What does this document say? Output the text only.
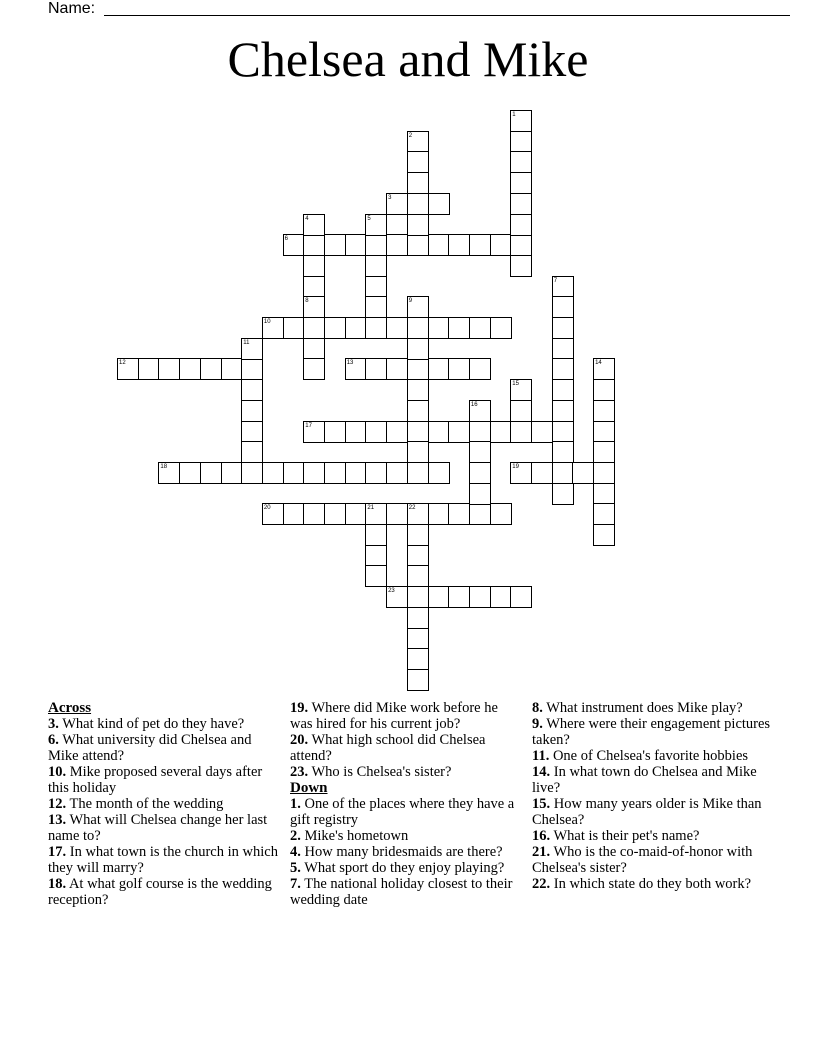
Name:
Chelsea and Mike
1
2
3
4	5
6
7
8	9
10
11
12	13	14
15
16
17
18	19
20	21	22
23
Across
3. What kind of pet do they have?
6. What university did Chelsea and Mike attend?
10. Mike proposed several days after this holiday
12. The month of the wedding
13. What will Chelsea change her last name to?
17. In what town is the church in which they will marry?
18. At what golf course is the wedding reception?
19. Where did Mike work before he was hired for his current job?
20. What high school did Chelsea attend?
23. Who is Chelsea's sister?
Down
1. One of the places where they have a gift registry
2. Mike's hometown
4. How many bridesmaids are there?
5. What sport do they enjoy playing?
7. The national holiday closest to their wedding date
8. What instrument does Mike play?
9. Where were their engagement pictures taken?
11. One of Chelsea's favorite hobbies
14. In what town do Chelsea and Mike live?
15. How many years older is Mike than Chelsea?
16. What is their pet's name?
21. Who is the co-maid-of-honor with Chelsea's sister?
22. In which state do they both work?
